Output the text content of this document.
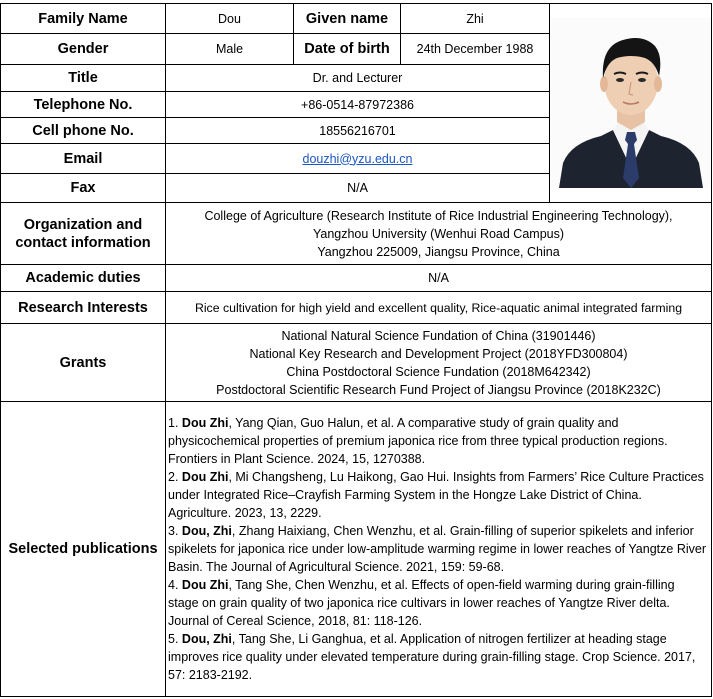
Family Name	Dou	Given name	Zhi	

Gender	Male	Date of birth	24th December 1988	
Title	Dr. and Lecturer			
Telephone No.	+86-0514-87972386			
Cell phone No.	18556216701			
Email	douzhi@yzu.edu.cn			
Fax	N/A			
Organization and contact information	College of Agriculture (Research Institute of Rice Industrial Engineering Technology),
Yangzhou University (Wenhui Road Campus)
Yangzhou 225009, Jiangsu Province, China			

Academic duties	N/A			
Research Interests	Rice cultivation for high yield and excellent quality, Rice-aquatic animal integrated farming			
Grants	National Natural Science Fundation of China (31901446)
National Key Research and Development Project (2018YFD300804)
China Postdoctoral Science Fundation (2018M642342)
Postdoctoral Scientific Research Fund Project of Jiangsu Province (2018K232C)			

Selected publications	1. Dou Zhi, Yang Qian, Guo Halun, et al. A comparative study of grain quality and physicochemical properties of premium japonica rice from three typical production regions. Frontiers in Plant Science. 2024, 15, 1270388.
2. Dou Zhi, Mi Changsheng, Lu Haikong, Gao Hui. Insights from Farmers’ Rice Culture Practices under Integrated Rice–Crayfish Farming System in the Hongze Lake District of China. Agriculture. 2023, 13, 2229.
3. Dou, Zhi, Zhang Haixiang, Chen Wenzhu, et al. Grain-filling of superior spikelets and inferior spikelets for japonica rice under low-amplitude warming regime in lower reaches of Yangtze River Basin. The Journal of Agricultural Science. 2021, 159: 59-68.
4. Dou Zhi, Tang She, Chen Wenzhu, et al. Effects of open-field warming during grain-filling stage on grain quality of two japonica rice cultivars in lower reaches of Yangtze River delta. Journal of Cereal Science, 2018, 81: 118-126.
5. Dou, Zhi, Tang She, Li Ganghua, et al. Application of nitrogen fertilizer at heading stage improves rice quality under elevated temperature during grain-filling stage. Crop Science. 2017, 57: 2183-2192.			
